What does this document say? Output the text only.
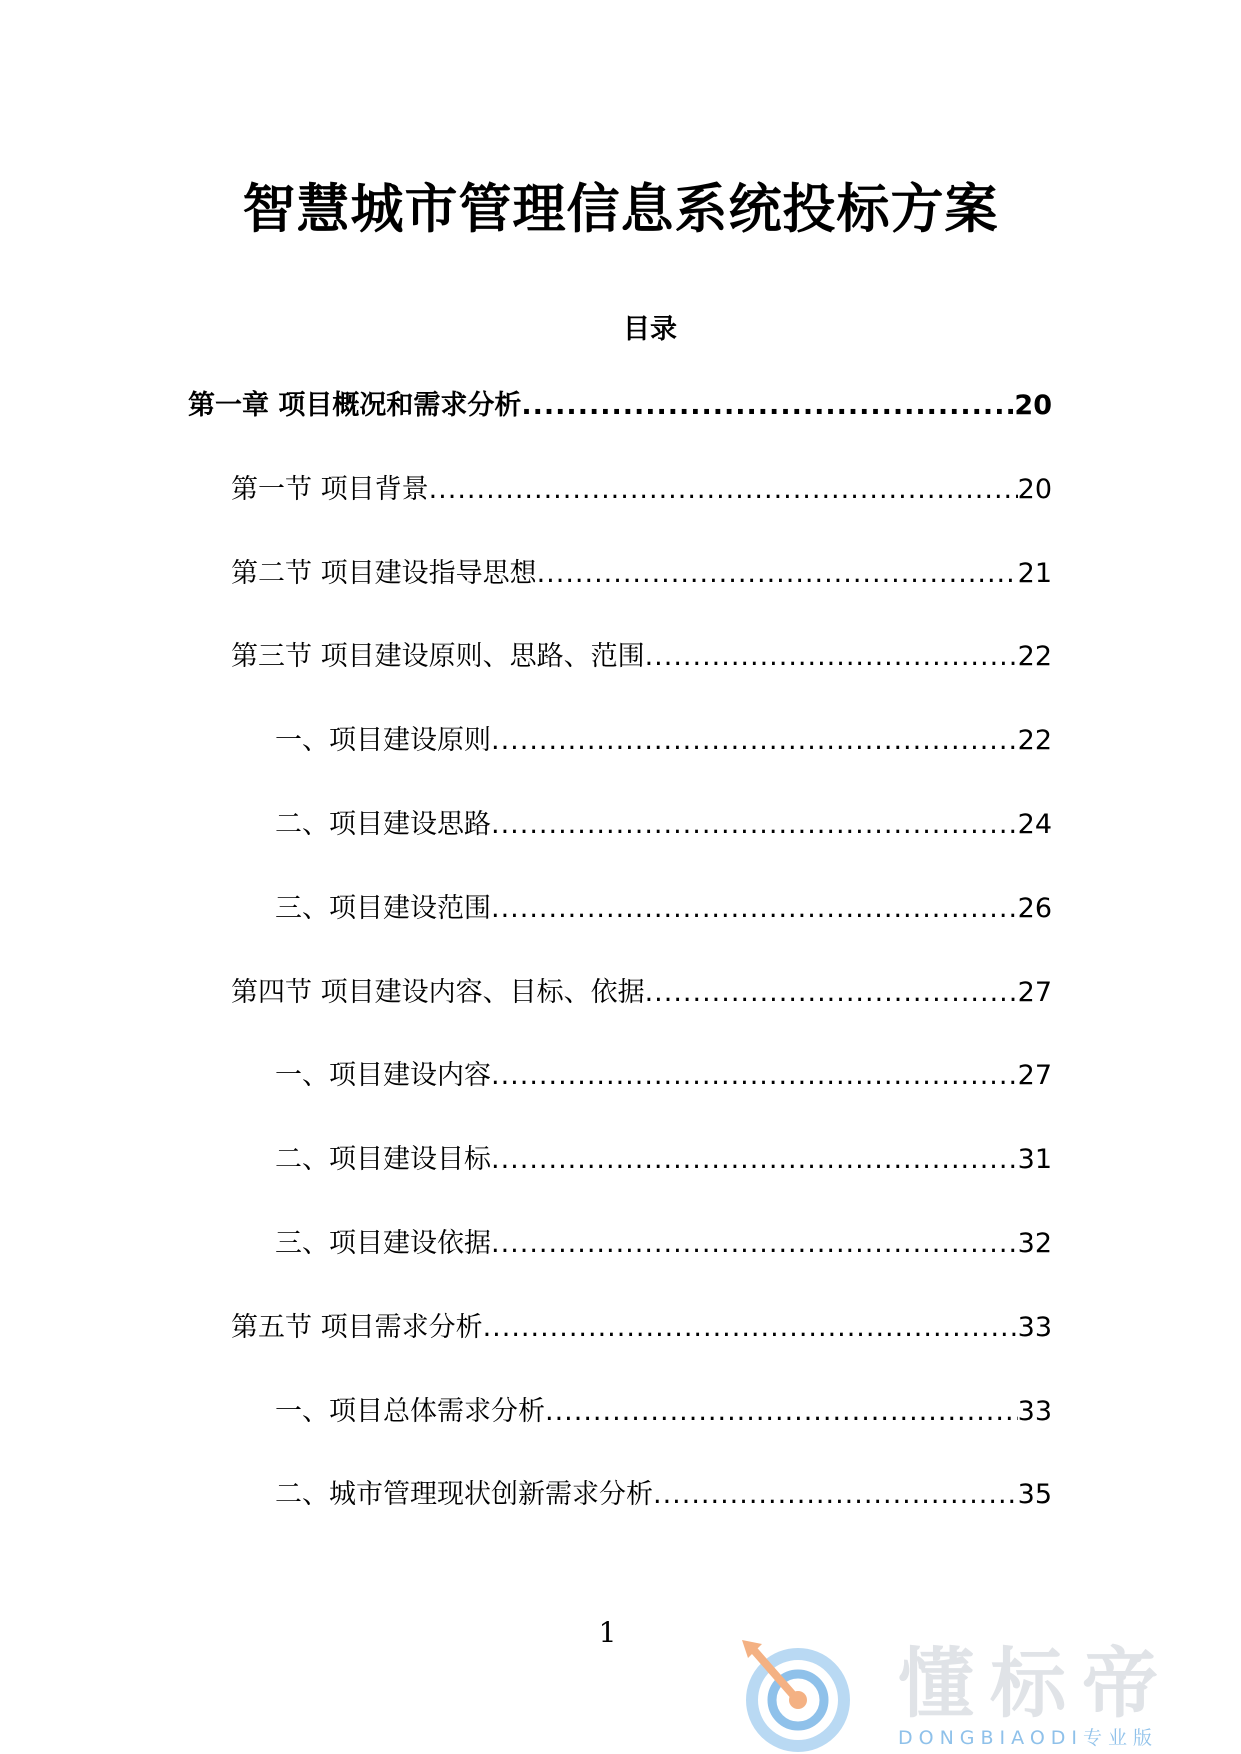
智慧城市管理信息系统投标方案
目录
第一章 项目概况和需求分析 .....	20
第一节 项目背景 .....	20
第二节 项目建设指导思想 .....	21
第三节 项目建设原则、思路、范围 .....	22
一、项目建设原则 .....	22
二、项目建设思路 .....	24
三、项目建设范围 .....	26
第四节 项目建设内容、目标、依据 .....	27
一、项目建设内容 .....	27
二、项目建设目标 .....	31
三、项目建设依据 .....	32
第五节 项目需求分析 .....	33
一、项目总体需求分析 .....	33
二、城市管理现状创新需求分析 .....	35
1
懂标帝
DONGBIAODI专业版
